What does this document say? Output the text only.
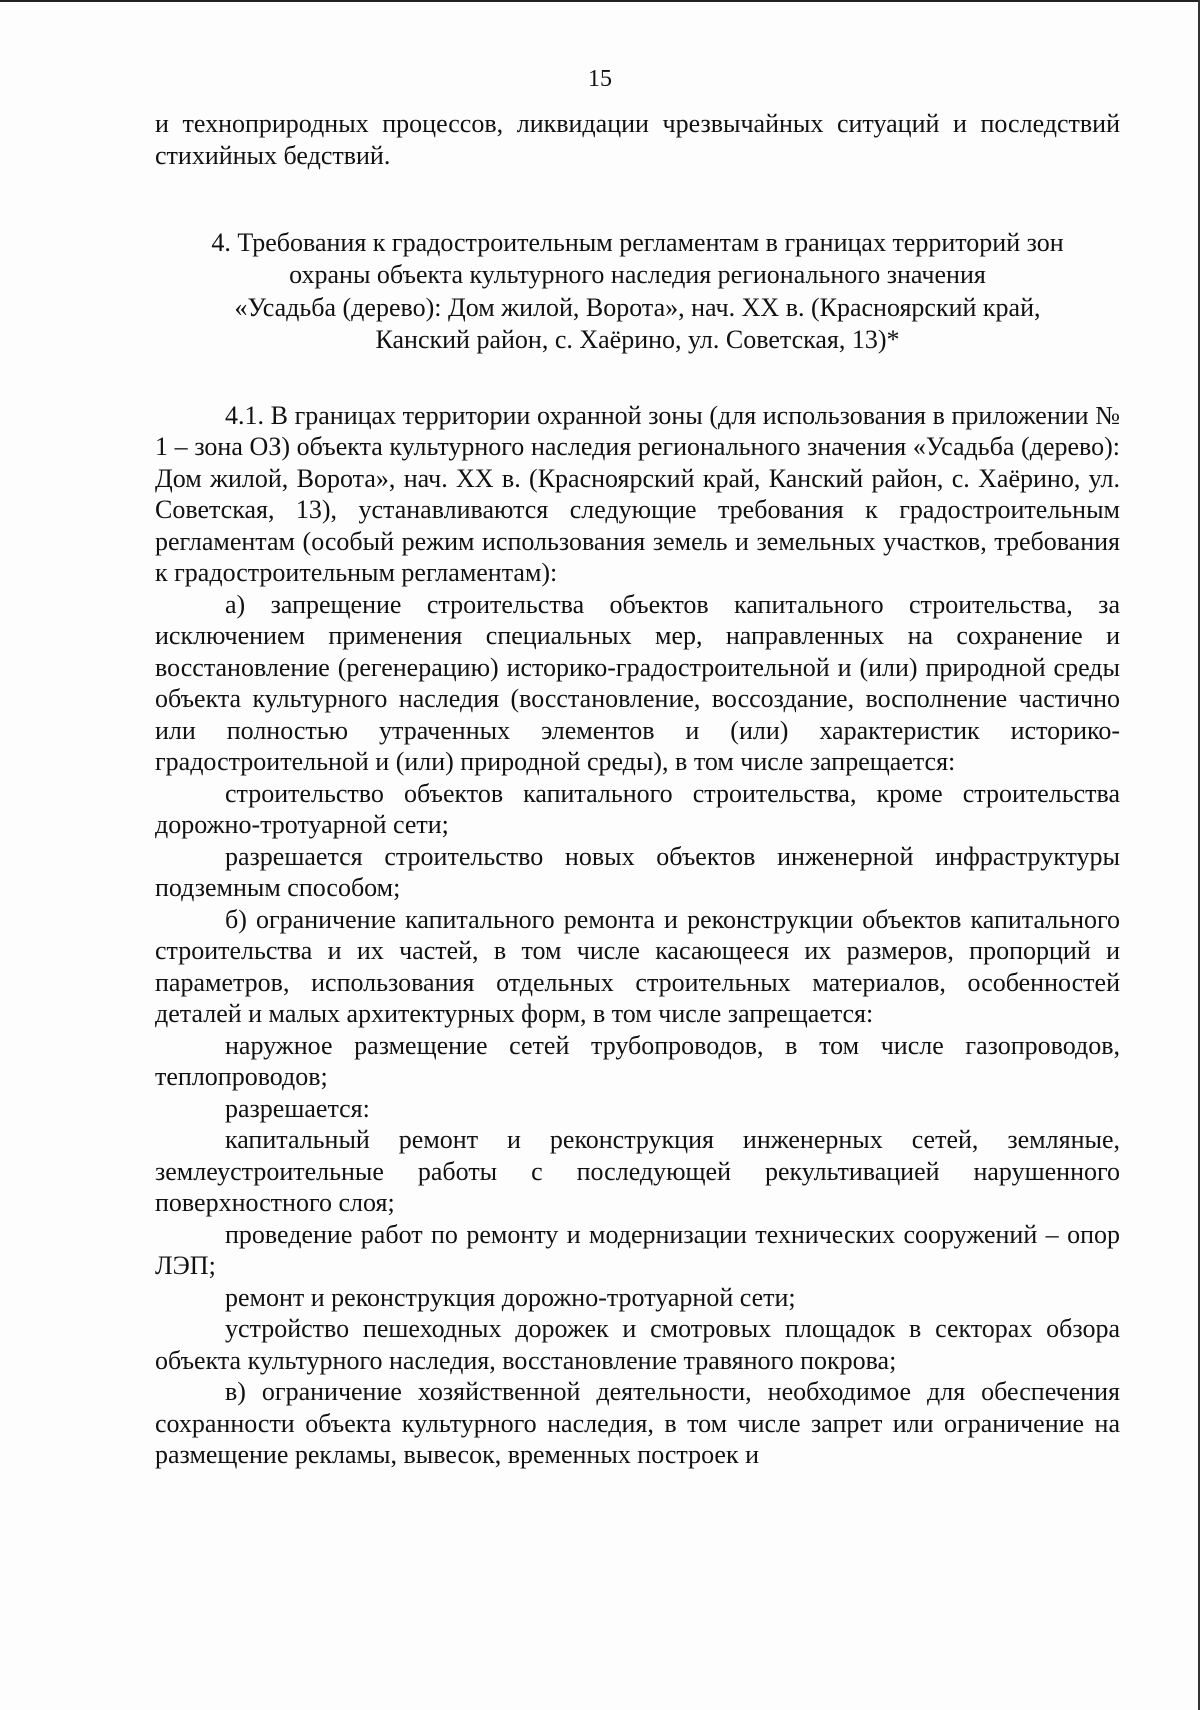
15

и технoприродных процессов, ликвидации чрезвычайных ситуаций и последствий стихийных бедствий.

4. Требования к градостроительным регламентам в границах территорий зон
охраны объекта культурного наследия регионального значения
«Усадьба (дерево): Дом жилой, Ворота», нач. XX в. (Красноярский край,
Канский район, с. Хаёрино, ул. Советская, 13)*

4.1. В границах территории охранной зоны (для использования в приложении № 1 – зона ОЗ) объекта культурного наследия регионального значения «Усадьба (дерево): Дом жилой, Ворота», нач. XX в. (Красноярский край, Канский район, с. Хаёрино, ул. Советская, 13), устанавливаются следующие требования к градостроительным регламентам (особый режим использования земель и земельных участков, требования к градостроительным регламентам):

а) запрещение строительства объектов капитального строительства, за исключением применения специальных мер, направленных на сохранение и восстановление (регенерацию) историко-градостроительной и (или) природной среды объекта культурного наследия (восстановление, воссоздание, восполнение частично или полностью утраченных элементов и (или) характеристик историко-градостроительной и (или) природной среды), в том числе запрещается:

строительство объектов капитального строительства, кроме строительства дорожно-тротуарной сети;

разрешается строительство новых объектов инженерной инфраструктуры подземным способом;

б) ограничение капитального ремонта и реконструкции объектов капитального строительства и их частей, в том числе касающееся их размеров, пропорций и параметров, использования отдельных строительных материалов, особенностей деталей и малых архитектурных форм, в том числе запрещается:

наружное размещение сетей трубопроводов, в том числе газопроводов, теплопроводов;

разрешается:

капитальный ремонт и реконструкция инженерных сетей, земляные, землеустроительные работы с последующей рекультивацией нарушенного поверхностного слоя;

проведение работ по ремонту и модернизации технических сооружений – опор ЛЭП;

ремонт и реконструкция дорожно-тротуарной сети;

устройство пешеходных дорожек и смотровых площадок в секторах обзора объекта культурного наследия, восстановление травяного покрова;

в) ограничение хозяйственной деятельности, необходимое для обеспечения сохранности объекта культурного наследия, в том числе запрет или ограничение на размещение рекламы, вывесок, временных построек и
